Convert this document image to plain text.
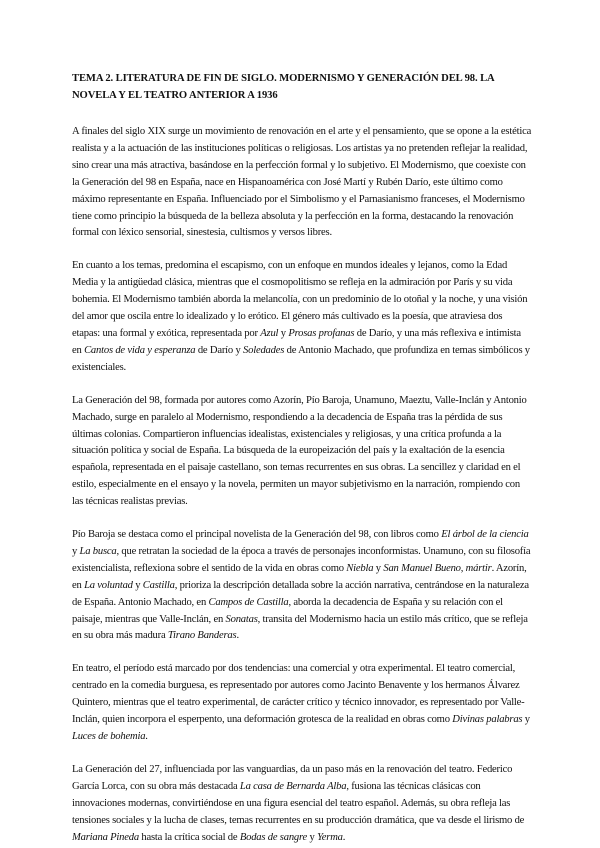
TEMA 2. LITERATURA DE FIN DE SIGLO. MODERNISMO Y GENERACIÓN DEL 98. LA NOVELA Y EL TEATRO ANTERIOR A 1936

A finales del siglo XIX surge un movimiento de renovación en el arte y el pensamiento, que se opone a la estética realista y a la actuación de las instituciones políticas o religiosas. Los artistas ya no pretenden reflejar la realidad, sino crear una más atractiva, basándose en la perfección formal y lo subjetivo. El Modernismo, que coexiste con la Generación del 98 en España, nace en Hispanoamérica con José Martí y Rubén Darío, este último como máximo representante en España. Influenciado por el Simbolismo y el Parnasianismo franceses, el Modernismo tiene como principio la búsqueda de la belleza absoluta y la perfección en la forma, destacando la renovación formal con léxico sensorial, sinestesia, cultismos y versos libres.

En cuanto a los temas, predomina el escapismo, con un enfoque en mundos ideales y lejanos, como la Edad Media y la antigüedad clásica, mientras que el cosmopolitismo se refleja en la admiración por París y su vida bohemia. El Modernismo también aborda la melancolía, con un predominio de lo otoñal y la noche, y una visión del amor que oscila entre lo idealizado y lo erótico. El género más cultivado es la poesía, que atraviesa dos etapas: una formal y exótica, representada por Azul y Prosas profanas de Darío, y una más reflexiva e intimista en Cantos de vida y esperanza de Darío y Soledades de Antonio Machado, que profundiza en temas simbólicos y existenciales.

La Generación del 98, formada por autores como Azorín, Pío Baroja, Unamuno, Maeztu, Valle-Inclán y Antonio Machado, surge en paralelo al Modernismo, respondiendo a la decadencia de España tras la pérdida de sus últimas colonias. Compartieron influencias idealistas, existenciales y religiosas, y una crítica profunda a la situación política y social de España. La búsqueda de la europeización del país y la exaltación de la esencia española, representada en el paisaje castellano, son temas recurrentes en sus obras. La sencillez y claridad en el estilo, especialmente en el ensayo y la novela, permiten un mayor subjetivismo en la narración, rompiendo con las técnicas realistas previas.

Pío Baroja se destaca como el principal novelista de la Generación del 98, con libros como El árbol de la ciencia y La busca, que retratan la sociedad de la época a través de personajes inconformistas. Unamuno, con su filosofía existencialista, reflexiona sobre el sentido de la vida en obras como Niebla y San Manuel Bueno, mártir. Azorín, en La voluntad y Castilla, prioriza la descripción detallada sobre la acción narrativa, centrándose en la naturaleza de España. Antonio Machado, en Campos de Castilla, aborda la decadencia de España y su relación con el paisaje, mientras que Valle-Inclán, en Sonatas, transita del Modernismo hacia un estilo más crítico, que se refleja en su obra más madura Tirano Banderas.

En teatro, el período está marcado por dos tendencias: una comercial y otra experimental. El teatro comercial, centrado en la comedia burguesa, es representado por autores como Jacinto Benavente y los hermanos Álvarez Quintero, mientras que el teatro experimental, de carácter crítico y técnico innovador, es representado por Valle-Inclán, quien incorpora el esperpento, una deformación grotesca de la realidad en obras como Divinas palabras y Luces de bohemia.

La Generación del 27, influenciada por las vanguardias, da un paso más en la renovación del teatro. Federico García Lorca, con su obra más destacada La casa de Bernarda Alba, fusiona las técnicas clásicas con innovaciones modernas, convirtiéndose en una figura esencial del teatro español. Además, su obra refleja las tensiones sociales y la lucha de clases, temas recurrentes en su producción dramática, que va desde el lirismo de Mariana Pineda hasta la crítica social de Bodas de sangre y Yerma.
